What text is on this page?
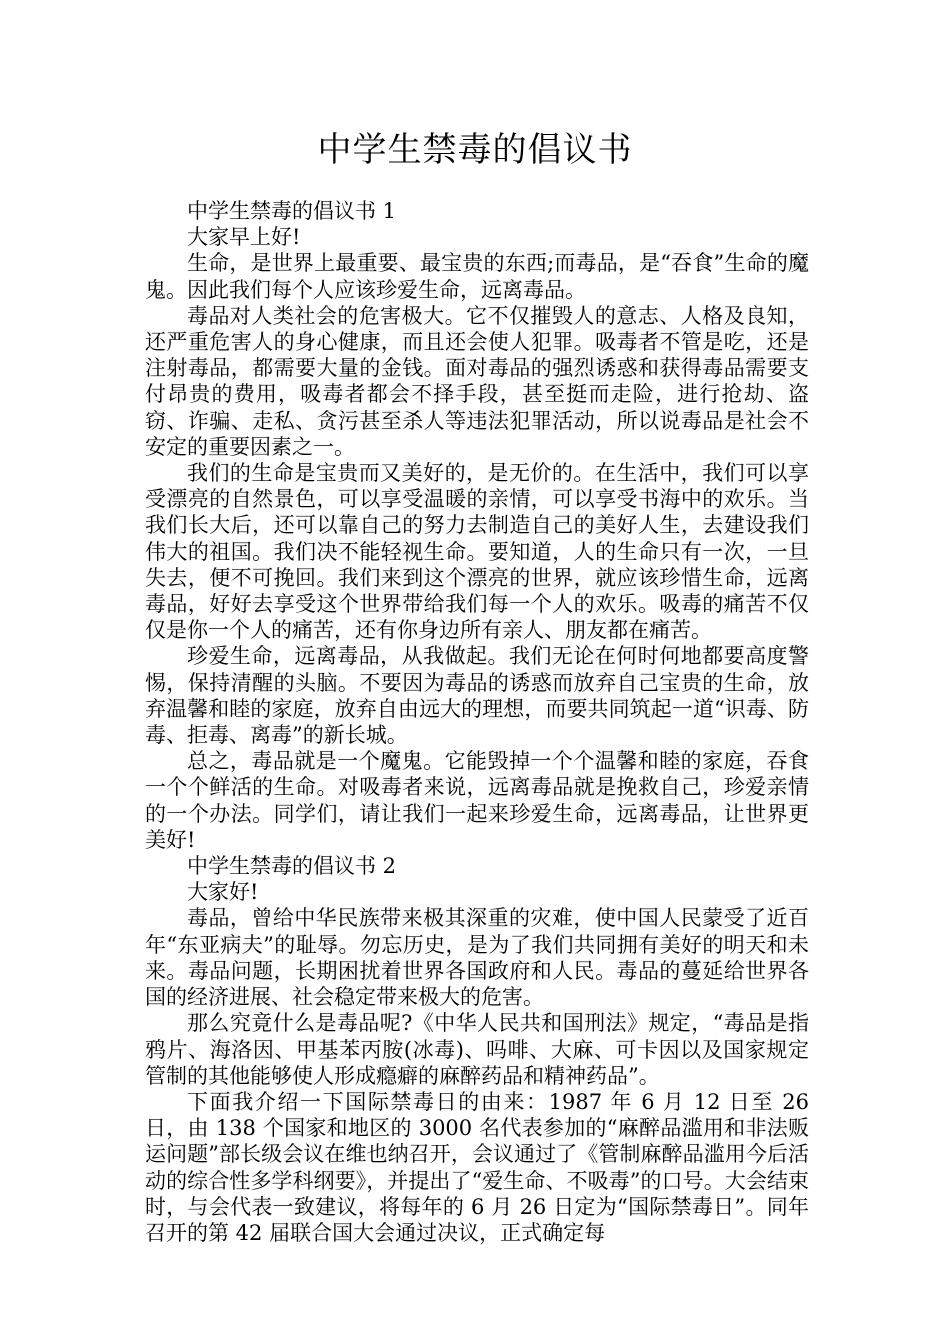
中学生禁毒的倡议书

中学生禁毒的倡议书 1

大家早上好!

生命，是世界上最重要、最宝贵的东西;而毒品，是“吞食”生命的魔鬼。因此我们每个人应该珍爱生命，远离毒品。

毒品对人类社会的危害极大。它不仅摧毁人的意志、人格及良知，还严重危害人的身心健康，而且还会使人犯罪。吸毒者不管是吃，还是注射毒品，都需要大量的金钱。面对毒品的强烈诱惑和获得毒品需要支付昂贵的费用，吸毒者都会不择手段，甚至挺而走险，进行抢劫、盗窃、诈骗、走私、贪污甚至杀人等违法犯罪活动，所以说毒品是社会不安定的重要因素之一。

我们的生命是宝贵而又美好的，是无价的。在生活中，我们可以享受漂亮的自然景色，可以享受温暖的亲情，可以享受书海中的欢乐。当我们长大后，还可以靠自己的努力去制造自己的美好人生，去建设我们伟大的祖国。我们决不能轻视生命。要知道，人的生命只有一次，一旦失去，便不可挽回。我们来到这个漂亮的世界，就应该珍惜生命，远离毒品，好好去享受这个世界带给我们每一个人的欢乐。吸毒的痛苦不仅仅是你一个人的痛苦，还有你身边所有亲人、朋友都在痛苦。

珍爱生命，远离毒品，从我做起。我们无论在何时何地都要高度警惕，保持清醒的头脑。不要因为毒品的诱惑而放弃自己宝贵的生命，放弃温馨和睦的家庭，放弃自由远大的理想，而要共同筑起一道“识毒、防毒、拒毒、离毒”的新长城。

总之，毒品就是一个魔鬼。它能毁掉一个个温馨和睦的家庭，吞食一个个鲜活的生命。对吸毒者来说，远离毒品就是挽救自己，珍爱亲情的一个办法。同学们，请让我们一起来珍爱生命，远离毒品，让世界更美好!

中学生禁毒的倡议书 2

大家好!

毒品，曾给中华民族带来极其深重的灾难，使中国人民蒙受了近百年“东亚病夫”的耻辱。勿忘历史，是为了我们共同拥有美好的明天和未来。毒品问题，长期困扰着世界各国政府和人民。毒品的蔓延给世界各国的经济进展、社会稳定带来极大的危害。

那么究竟什么是毒品呢?《中华人民共和国刑法》规定，“毒品是指鸦片、海洛因、甲基苯丙胺(冰毒)、吗啡、大麻、可卡因以及国家规定管制的其他能够使人形成瘾癖的麻醉药品和精神药品”。

下面我介绍一下国际禁毒日的由来：1987 年 6 月 12 日至 26 日，由 138 个国家和地区的 3000 名代表参加的“麻醉品滥用和非法贩运问题”部长级会议在维也纳召开，会议通过了《管制麻醉品滥用今后活动的综合性多学科纲要》，并提出了“爱生命、不吸毒”的口号。大会结束时，与会代表一致建议，将每年的 6 月 26 日定为“国际禁毒日”。同年召开的第 42 届联合国大会通过决议，正式确定每
